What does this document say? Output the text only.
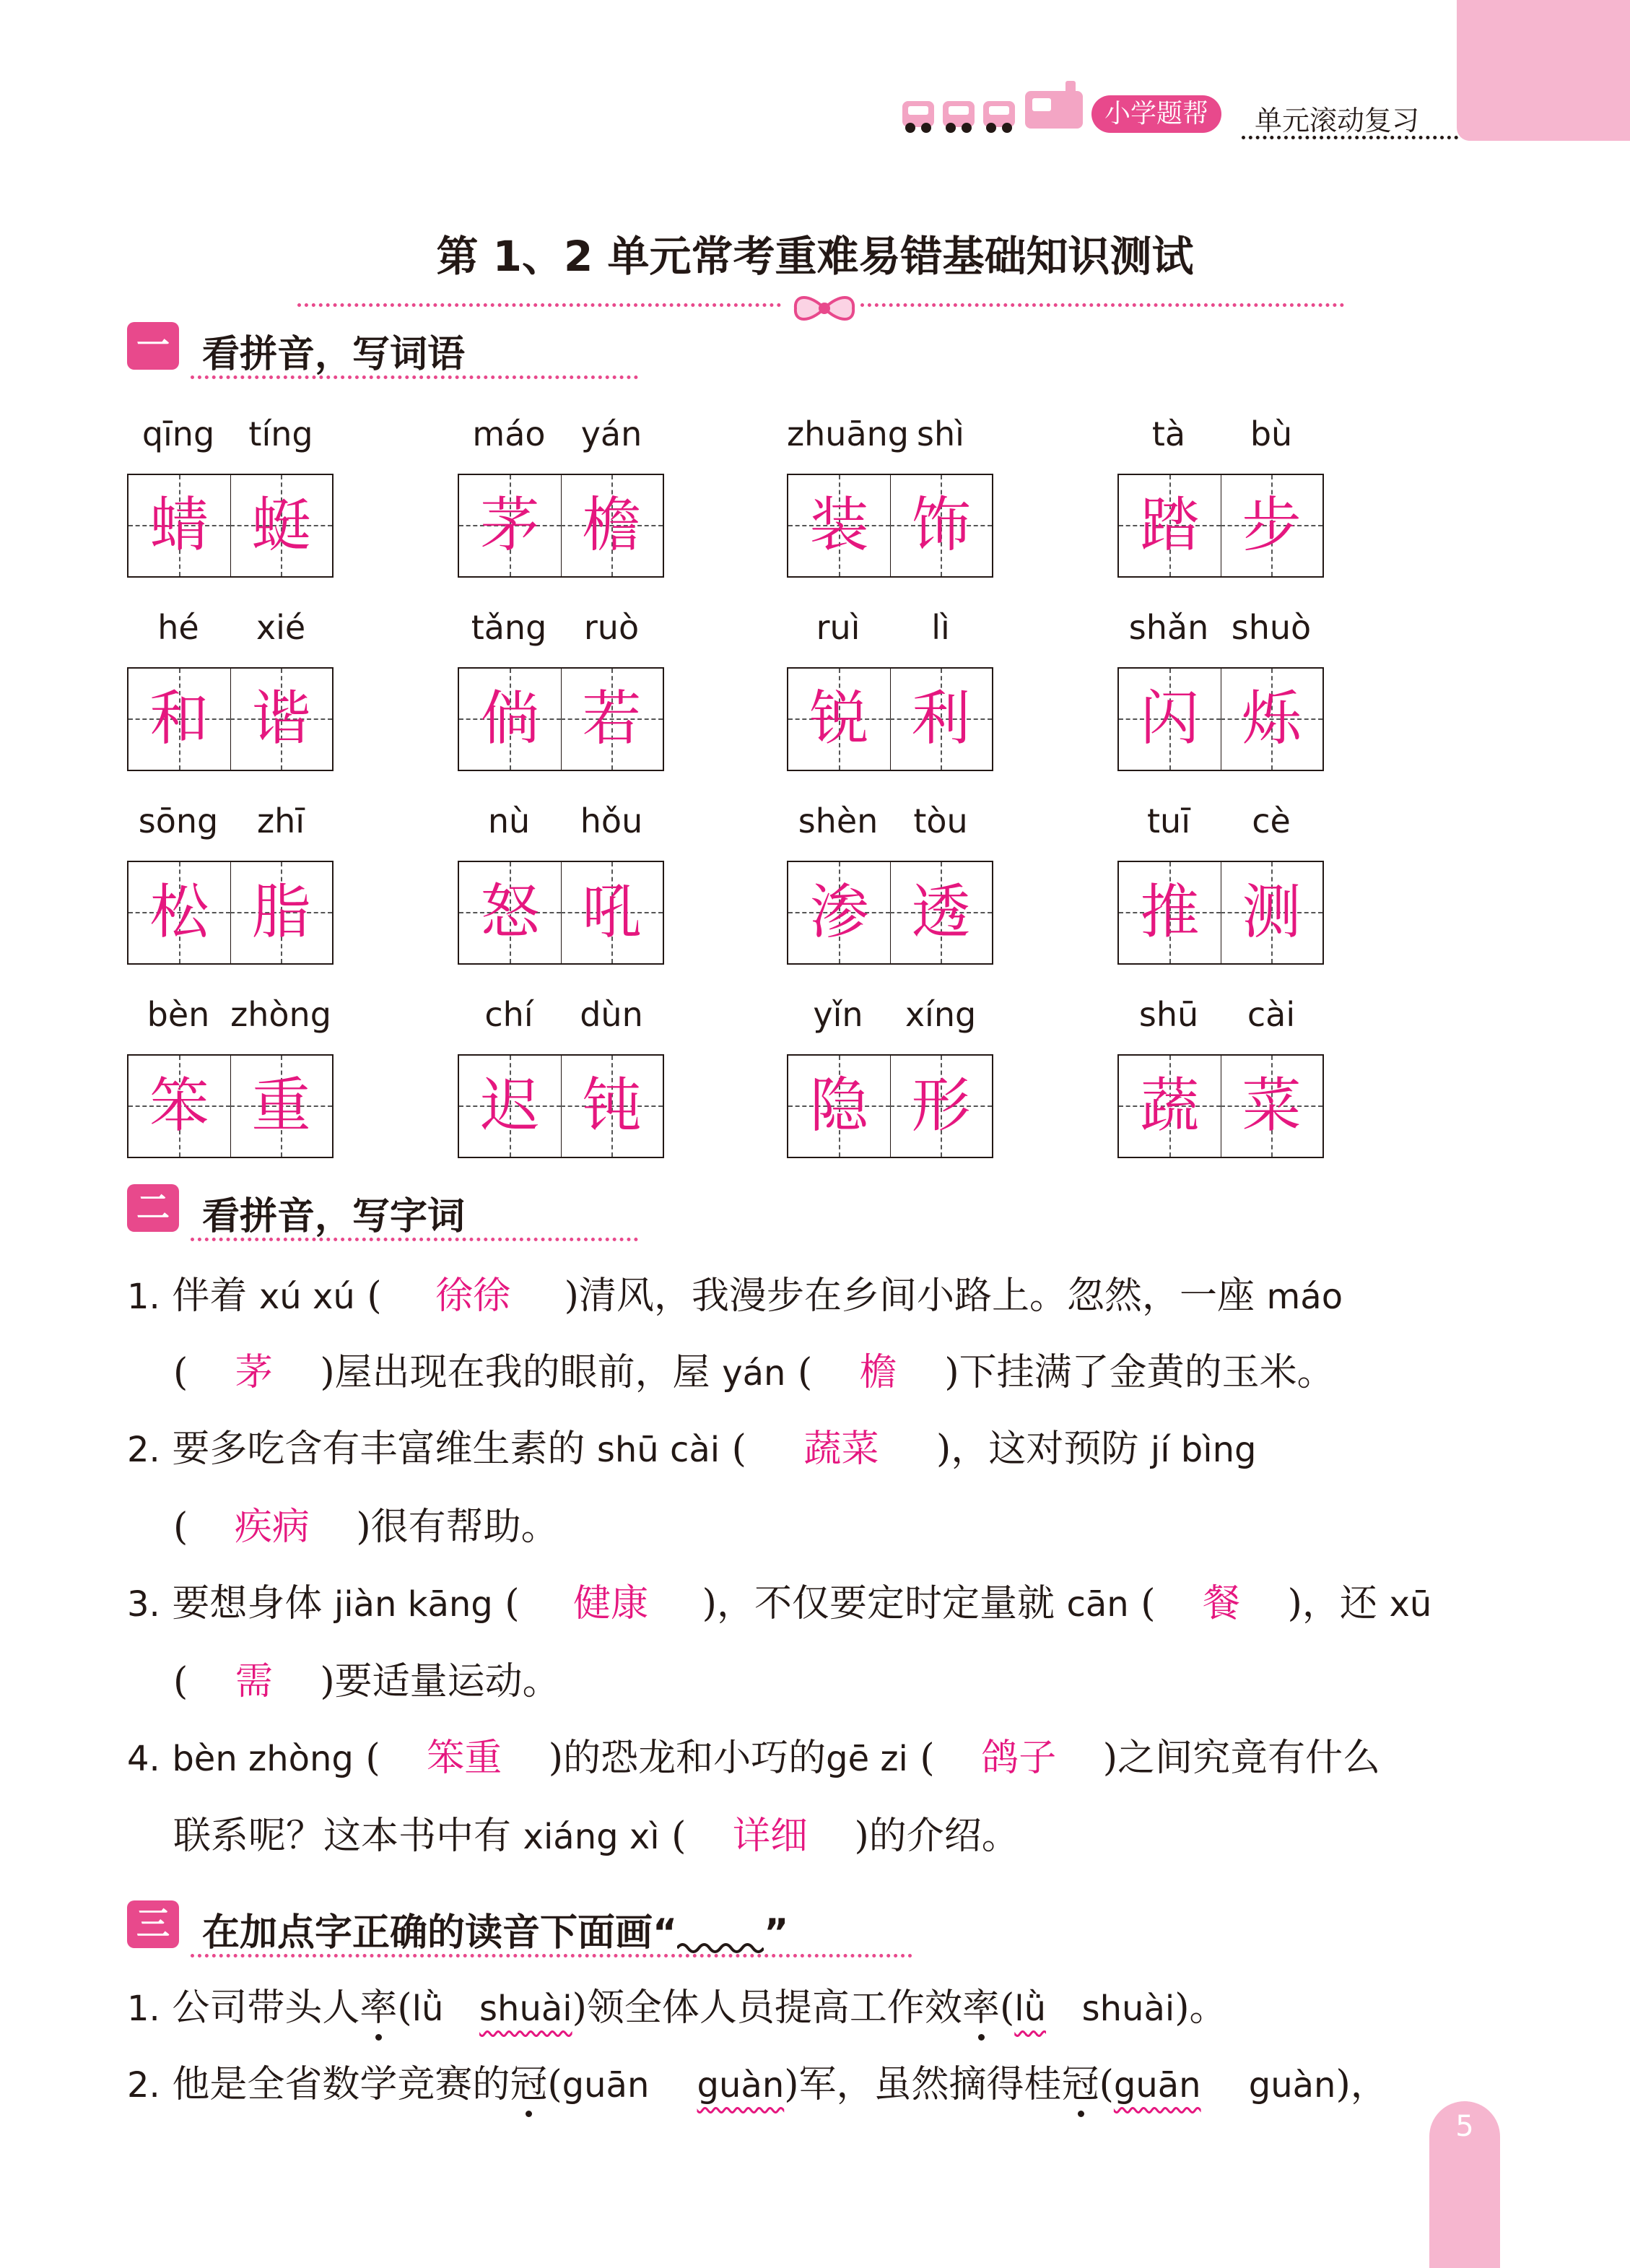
5
小学题帮	单元滚动复习
第 1、2 单元常考重难易错基础知识测试
一 看拼音，写词语
qīng	tíng
蜻 蜓
máo	yán
茅 檐
zhuāng shì
装 饰
tà	bù
踏 步
hé	xié
和 谐
tǎng	ruò
倘 若
ruì	lì
锐 利
shǎn shuò
闪 烁
sōng	zhī
松 脂
nù	hǒu
怒 吼
shèn	tòu
渗 透
tuī	cè
推 测
bèn zhòng
笨 重
chí	dùn
迟 钝
yǐn	xíng
隐 形
shū	cài
蔬 菜
二 看拼音，写字词
1. 伴着 xú xú ( 徐徐 )清风，我漫步在乡间小路上。忽然，一座 máo
( 茅 )屋出现在我的眼前，屋 yán ( 檐 )下挂满了金黄的玉米。
2. 要多吃含有丰富维生素的 shū cài ( 蔬菜 )，这对预防 jí bìng
( 疾病 )很有帮助。
3. 要想身体 jiàn kāng ( 健康 )，不仅要定时定量就 cān ( 餐 )，还 xū
( 需 )要适量运动。
4. bèn zhòng ( 笨重 )的恐龙和小巧的gē zi ( 鸽子 )之间究竟有什么
联系呢？这本书中有 xiáng xì ( 详细 )的介绍。
三 在加点字正确的读音下面画“ ”
1. 公司带头人率(lǜ shuài)领全体人员提高工作效率(lǜ shuài)。
2. 他是全省数学竞赛的冠(guān guàn)军，虽然摘得桂冠(guān guàn)，
